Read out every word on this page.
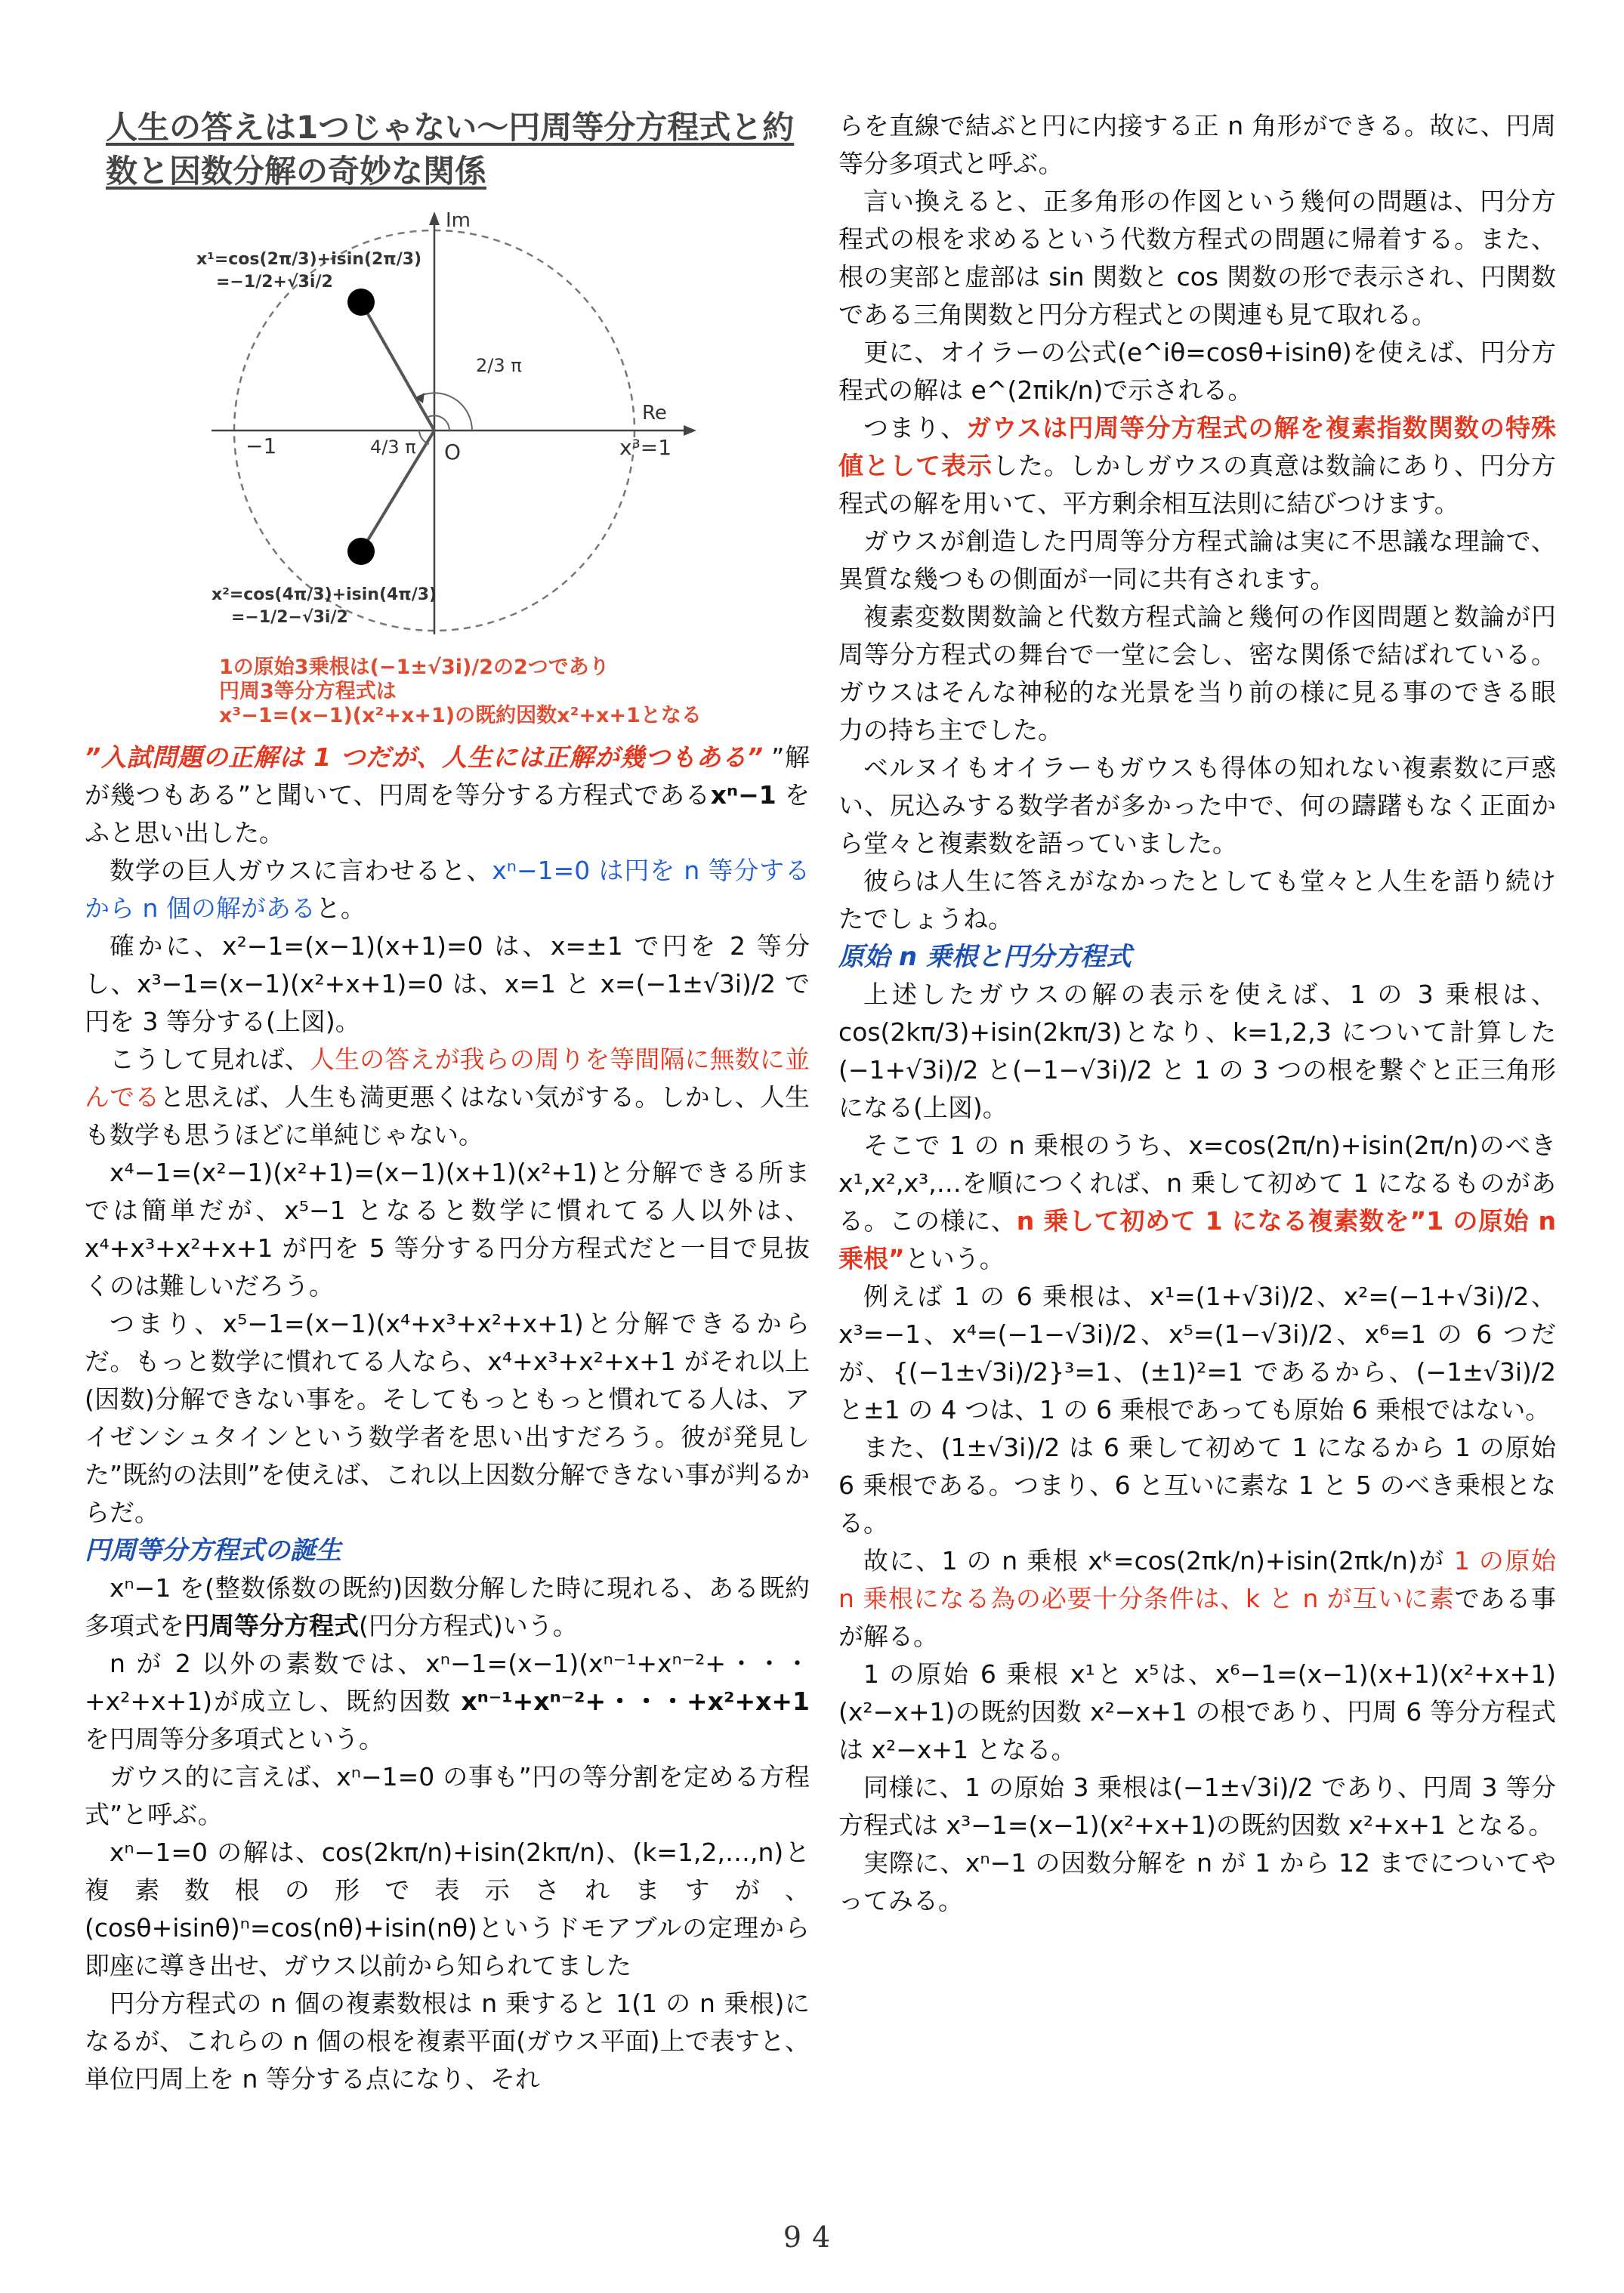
人生の答えは1つじゃない〜円周等分方程式と約数と因数分解の奇妙な関係
Im
Re
O
−1	x³=1
2/3 π
4/3 π
x¹=cos(2π/3)+isin(2π/3)
=−1/2+√3i/2
x²=cos(4π/3)+isin(4π/3)
=−1/2−√3i/2
1の原始3乗根は(−1±√3i)/2の2つであり
円周3等分方程式は
x³−1=(x−1)(x²+x+1)の既約因数x²+x+1となる

”入試問題の正解は 1 つだが、人生には正解が幾つもある” ”解が幾つもある”と聞いて、円周を等分する方程式であるxⁿ−1 をふと思い出した。

数学の巨人ガウスに言わせると、xⁿ−1=0 は円を n 等分するから n 個の解があると。

確かに、x²−1=(x−1)(x+1)=0 は、x=±1 で円を 2 等分し、x³−1=(x−1)(x²+x+1)=0 は、x=1 と x=(−1±√3i)/2 で円を 3 等分する(上図)。

こうして見れば、人生の答えが我らの周りを等間隔に無数に並んでると思えば、人生も満更悪くはない気がする。しかし、人生も数学も思うほどに単純じゃない。

x⁴−1=(x²−1)(x²+1)=(x−1)(x+1)(x²+1)と分解できる所までは簡単だが、x⁵−1 となると数学に慣れてる人以外は、x⁴+x³+x²+x+1 が円を 5 等分する円分方程式だと一目で見抜くのは難しいだろう。

つまり、x⁵−1=(x−1)(x⁴+x³+x²+x+1)と分解できるからだ。もっと数学に慣れてる人なら、x⁴+x³+x²+x+1 がそれ以上(因数)分解できない事を。そしてもっともっと慣れてる人は、アイゼンシュタインという数学者を思い出すだろう。彼が発見した”既約の法則”を使えば、これ以上因数分解できない事が判るからだ。

円周等分方程式の誕生

xⁿ−1 を(整数係数の既約)因数分解した時に現れる、ある既約多項式を円周等分方程式(円分方程式)いう。

n が 2 以外の素数では、xⁿ−1=(x−1)(xⁿ⁻¹+xⁿ⁻²+・・・+x²+x+1)が成立し、既約因数 xⁿ⁻¹+xⁿ⁻²+・・・+x²+x+1 を円周等分多項式という。

ガウス的に言えば、xⁿ−1=0 の事も”円の等分割を定める方程式”と呼ぶ。

xⁿ−1=0 の解は、cos(2kπ/n)+isin(2kπ/n)、(k=1,2,…,n)と複素数根の形で表示されますが、(cosθ+isinθ)ⁿ=cos(nθ)+isin(nθ)というドモアブルの定理から即座に導き出せ、ガウス以前から知られてました

円分方程式の n 個の複素数根は n 乗すると 1(1 の n 乗根)になるが、これらの n 個の根を複素平面(ガウス平面)上で表すと、単位円周上を n 等分する点になり、それ

らを直線で結ぶと円に内接する正 n 角形ができる。故に、円周等分多項式と呼ぶ。

言い換えると、正多角形の作図という幾何の問題は、円分方程式の根を求めるという代数方程式の問題に帰着する。また、根の実部と虚部は sin 関数と cos 関数の形で表示され、円関数である三角関数と円分方程式との関連も見て取れる。

更に、オイラーの公式(e^iθ=cosθ+isinθ)を使えば、円分方程式の解は e^(2πik/n)で示される。

つまり、ガウスは円周等分方程式の解を複素指数関数の特殊値として表示した。しかしガウスの真意は数論にあり、円分方程式の解を用いて、平方剰余相互法則に結びつけます。

ガウスが創造した円周等分方程式論は実に不思議な理論で、異質な幾つもの側面が一同に共有されます。

複素変数関数論と代数方程式論と幾何の作図問題と数論が円周等分方程式の舞台で一堂に会し、密な関係で結ばれている。ガウスはそんな神秘的な光景を当り前の様に見る事のできる眼力の持ち主でした。

ベルヌイもオイラーもガウスも得体の知れない複素数に戸惑い、尻込みする数学者が多かった中で、何の躊躇もなく正面から堂々と複素数を語っていました。

彼らは人生に答えがなかったとしても堂々と人生を語り続けたでしょうね。

原始 n 乗根と円分方程式

上述したガウスの解の表示を使えば、1 の 3 乗根は、cos(2kπ/3)+isin(2kπ/3)となり、k=1,2,3 について計算した(−1+√3i)/2 と(−1−√3i)/2 と 1 の 3 つの根を繋ぐと正三角形になる(上図)。

そこで 1 の n 乗根のうち、x=cos(2π/n)+isin(2π/n)のべき x¹,x²,x³,…を順につくれば、n 乗して初めて 1 になるものがある。この様に、n 乗して初めて 1 になる複素数を”1 の原始 n 乗根”という。

例えば 1 の 6 乗根は、x¹=(1+√3i)/2、x²=(−1+√3i)/2、x³=−1、x⁴=(−1−√3i)/2、x⁵=(1−√3i)/2、x⁶=1 の 6 つだが、{(−1±√3i)/2}³=1、(±1)²=1 であるから、(−1±√3i)/2 と±1 の 4 つは、1 の 6 乗根であっても原始 6 乗根ではない。

また、(1±√3i)/2 は 6 乗して初めて 1 になるから 1 の原始 6 乗根である。つまり、6 と互いに素な 1 と 5 のべき乗根となる。

故に、1 の n 乗根 xᵏ=cos(2πk/n)+isin(2πk/n)が 1 の原始 n 乗根になる為の必要十分条件は、k と n が互いに素である事が解る。

1 の原始 6 乗根 x¹と x⁵は、x⁶−1=(x−1)(x+1)(x²+x+1)(x²−x+1)の既約因数 x²−x+1 の根であり、円周 6 等分方程式は x²−x+1 となる。

同様に、1 の原始 3 乗根は(−1±√3i)/2 であり、円周 3 等分方程式は x³−1=(x−1)(x²+x+1)の既約因数 x²+x+1 となる。

実際に、xⁿ−1 の因数分解を n が 1 から 12 までについてやってみる。

94
